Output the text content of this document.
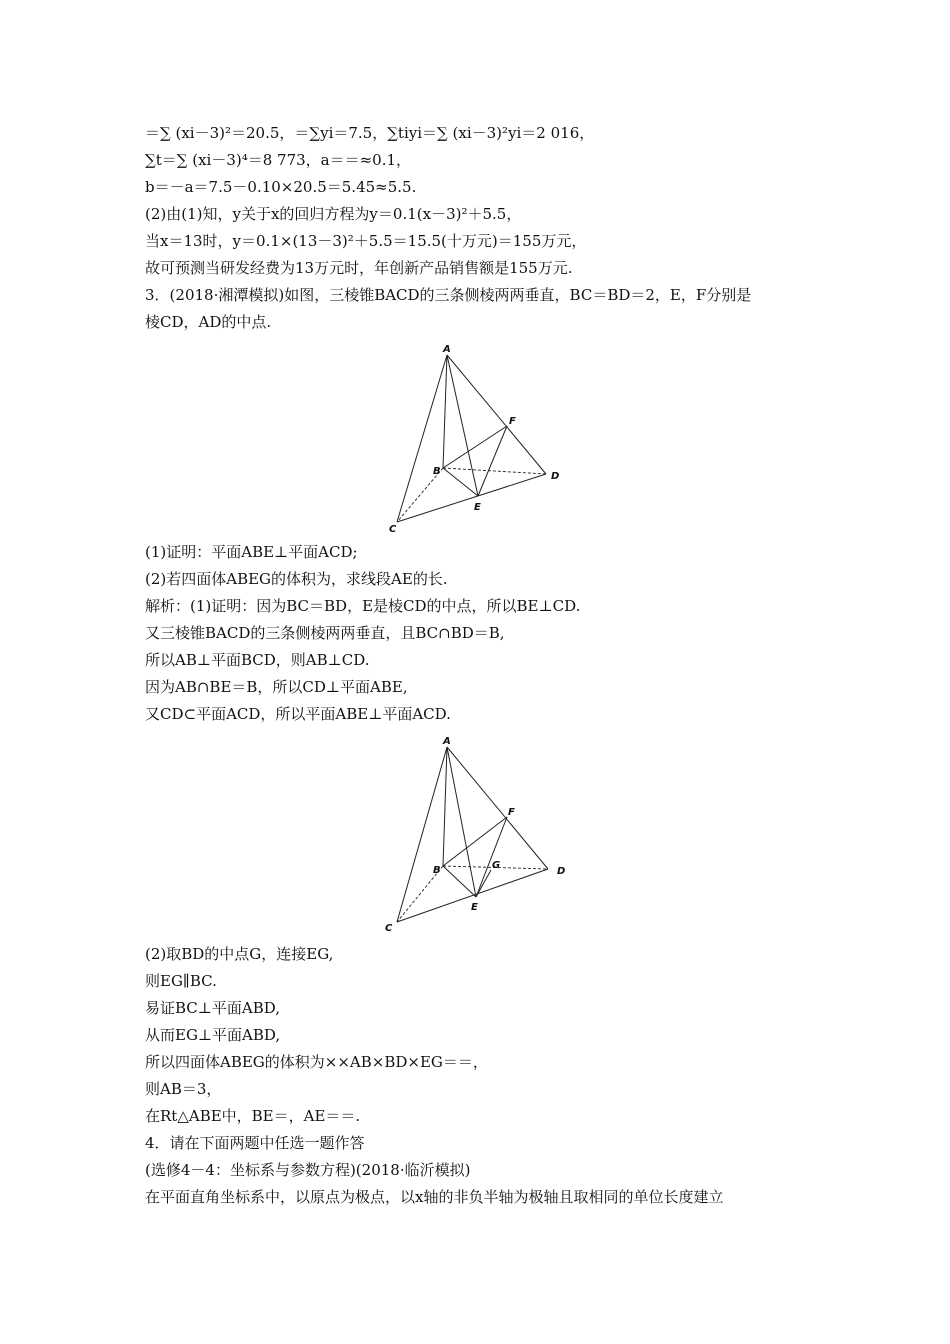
＝∑ (xi－3)²＝20.5，＝∑yi＝7.5，∑tiyi＝∑ (xi－3)²yi＝2 016，
∑t＝∑ (xi－3)⁴＝8 773，a＝＝≈0.1，
b＝－a＝7.5－0.10×20.5＝5.45≈5.5.
(2)由(1)知，y关于x的回归方程为y＝0.1(x－3)²＋5.5，
当x＝13时，y＝0.1×(13－3)²＋5.5＝15.5(十万元)＝155万元，
故可预测当研发经费为13万元时，年创新产品销售额是155万元.
3．(2018·湘潭模拟)如图，三棱锥BACD的三条侧棱两两垂直，BC＝BD＝2，E，F分别是
棱CD，AD的中点.
A
B
C
D
E
F
(1)证明：平面ABE⊥平面ACD;
(2)若四面体ABEG的体积为，求线段AE的长.
解析：(1)证明：因为BC＝BD，E是棱CD的中点，所以BE⊥CD.
又三棱锥BACD的三条侧棱两两垂直，且BC∩BD＝B,
所以AB⊥平面BCD，则AB⊥CD.
因为AB∩BE＝B，所以CD⊥平面ABE,
又CD⊂平面ACD，所以平面ABE⊥平面ACD.
A
B
C
D
E
F
G
(2)取BD的中点G，连接EG,
则EG∥BC.
易证BC⊥平面ABD,
从而EG⊥平面ABD,
所以四面体ABEG的体积为××AB×BD×EG＝＝，
则AB＝3，
在Rt△ABE中，BE＝，AE＝＝.
4．请在下面两题中任选一题作答
(选修4－4：坐标系与参数方程)(2018·临沂模拟)
在平面直角坐标系中，以原点为极点，以x轴的非负半轴为极轴且取相同的单位长度建立
